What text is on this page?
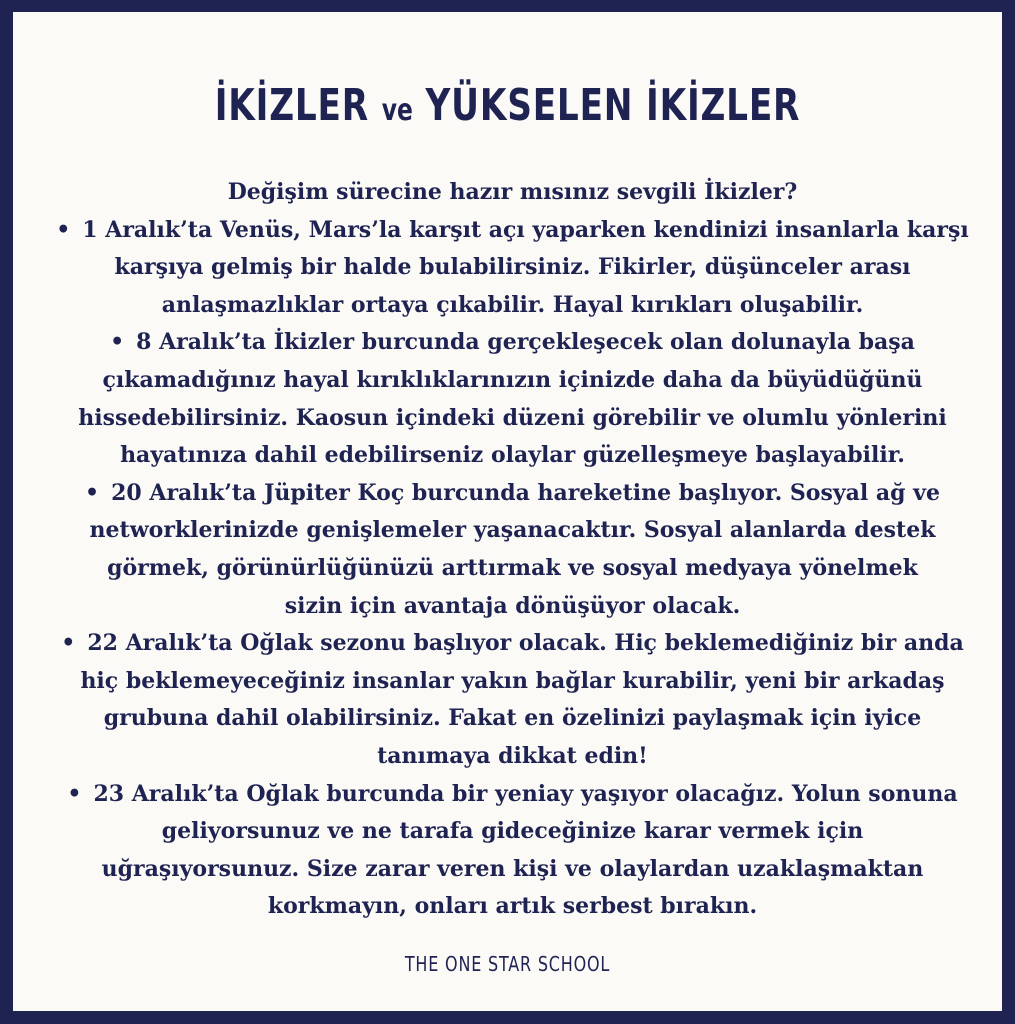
İKİZLER ve YÜKSELEN İKİZLER
Değişim sürecine hazır mısınız sevgili İkizler?
• 1 Aralık’ta Venüs, Mars’la karşıt açı yaparken kendinizi insanlarla karşı
karşıya gelmiş bir halde bulabilirsiniz. Fikirler, düşünceler arası
anlaşmazlıklar ortaya çıkabilir. Hayal kırıkları oluşabilir.
• 8 Aralık’ta İkizler burcunda gerçekleşecek olan dolunayla başa
çıkamadığınız hayal kırıklıklarınızın içinizde daha da büyüdüğünü
hissedebilirsiniz. Kaosun içindeki düzeni görebilir ve olumlu yönlerini
hayatınıza dahil edebilirseniz olaylar güzelleşmeye başlayabilir.
• 20 Aralık’ta Jüpiter Koç burcunda hareketine başlıyor. Sosyal ağ ve
networklerinizde genişlemeler yaşanacaktır. Sosyal alanlarda destek
görmek, görünürlüğünüzü arttırmak ve sosyal medyaya yönelmek
sizin için avantaja dönüşüyor olacak.
• 22 Aralık’ta Oğlak sezonu başlıyor olacak. Hiç beklemediğiniz bir anda
hiç beklemeyeceğiniz insanlar yakın bağlar kurabilir, yeni bir arkadaş
grubuna dahil olabilirsiniz. Fakat en özelinizi paylaşmak için iyice
tanımaya dikkat edin!
• 23 Aralık’ta Oğlak burcunda bir yeniay yaşıyor olacağız. Yolun sonuna
geliyorsunuz ve ne tarafa gideceğinize karar vermek için
uğraşıyorsunuz. Size zarar veren kişi ve olaylardan uzaklaşmaktan
korkmayın, onları artık serbest bırakın.
THE ONE STAR SCHOOL
